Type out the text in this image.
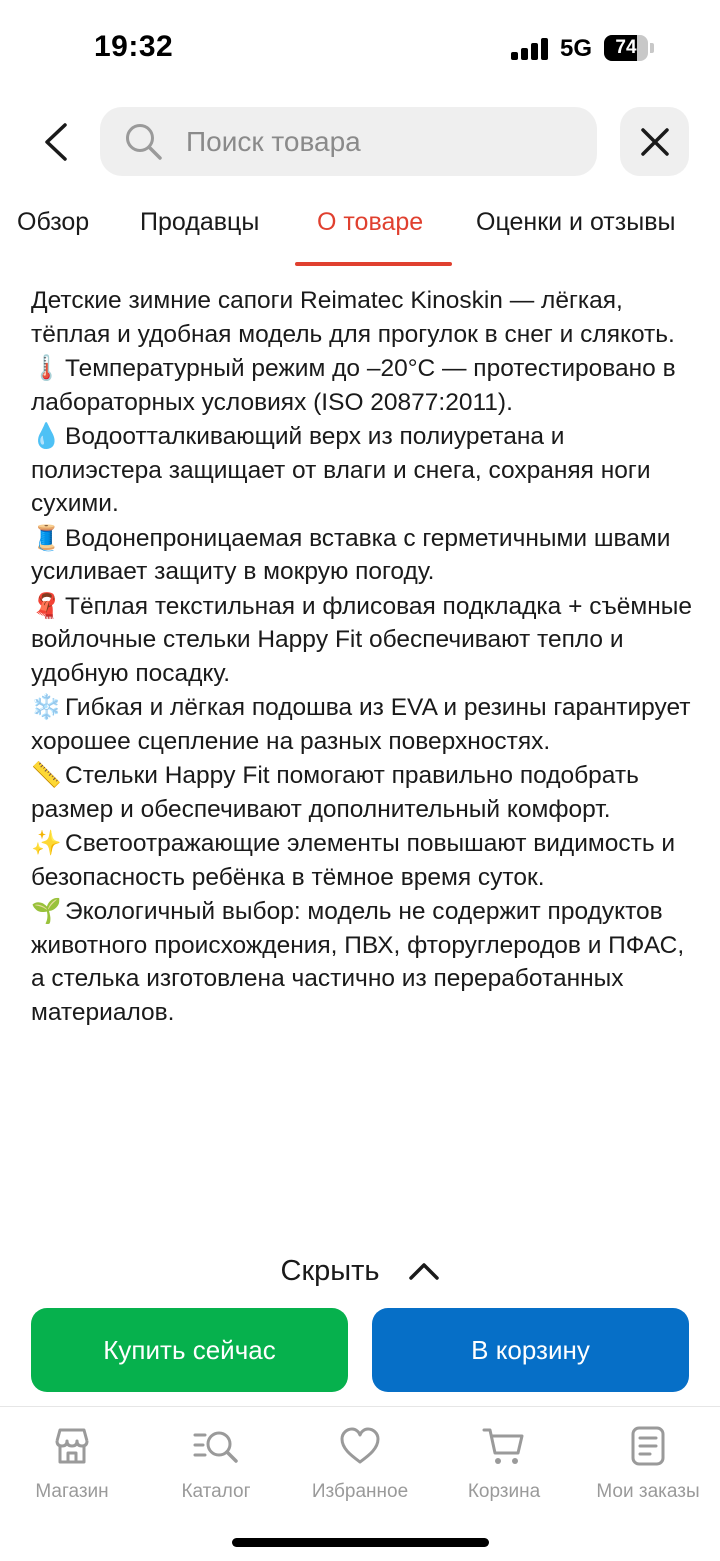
19:32	5G	74
Поиск товара
Обзор Продавцы О товаре Оценки и отзывы

Детские зимние сапоги Reimatec Kinoskin — лёгкая, тёплая и удобная модель для прогулок в снег и слякоть.

🌡️ Температурный режим до –20°C — протестировано в лабораторных условиях (ISO 20877:2011).

💧 Водоотталкивающий верх из полиуретана и полиэстера защищает от влаги и снега, сохраняя ноги сухими.

🧵 Водонепроницаемая вставка с герметичными швами усиливает защиту в мокрую погоду.

🧣 Тёплая текстильная и флисовая подкладка + съёмные войлочные стельки Happy Fit обеспечивают тепло и удобную посадку.

❄️ Гибкая и лёгкая подошва из EVA и резины гарантирует хорошее сцепление на разных поверхностях.

📏 Стельки Happy Fit помогают правильно подобрать размер и обеспечивают дополнительный комфорт.

✨ Светоотражающие элементы повышают видимость и безопасность ребёнка в тёмное время суток.

🌱 Экологичный выбор: модель не содержит продуктов животного происхождения, ПВХ, фторуглеродов и ПФАС, а стелька изготовлена частично из переработанных материалов.

Скрыть
Купить сейчас	В корзину
Магазин	Каталог	Избранное	Корзина	Мои заказы
